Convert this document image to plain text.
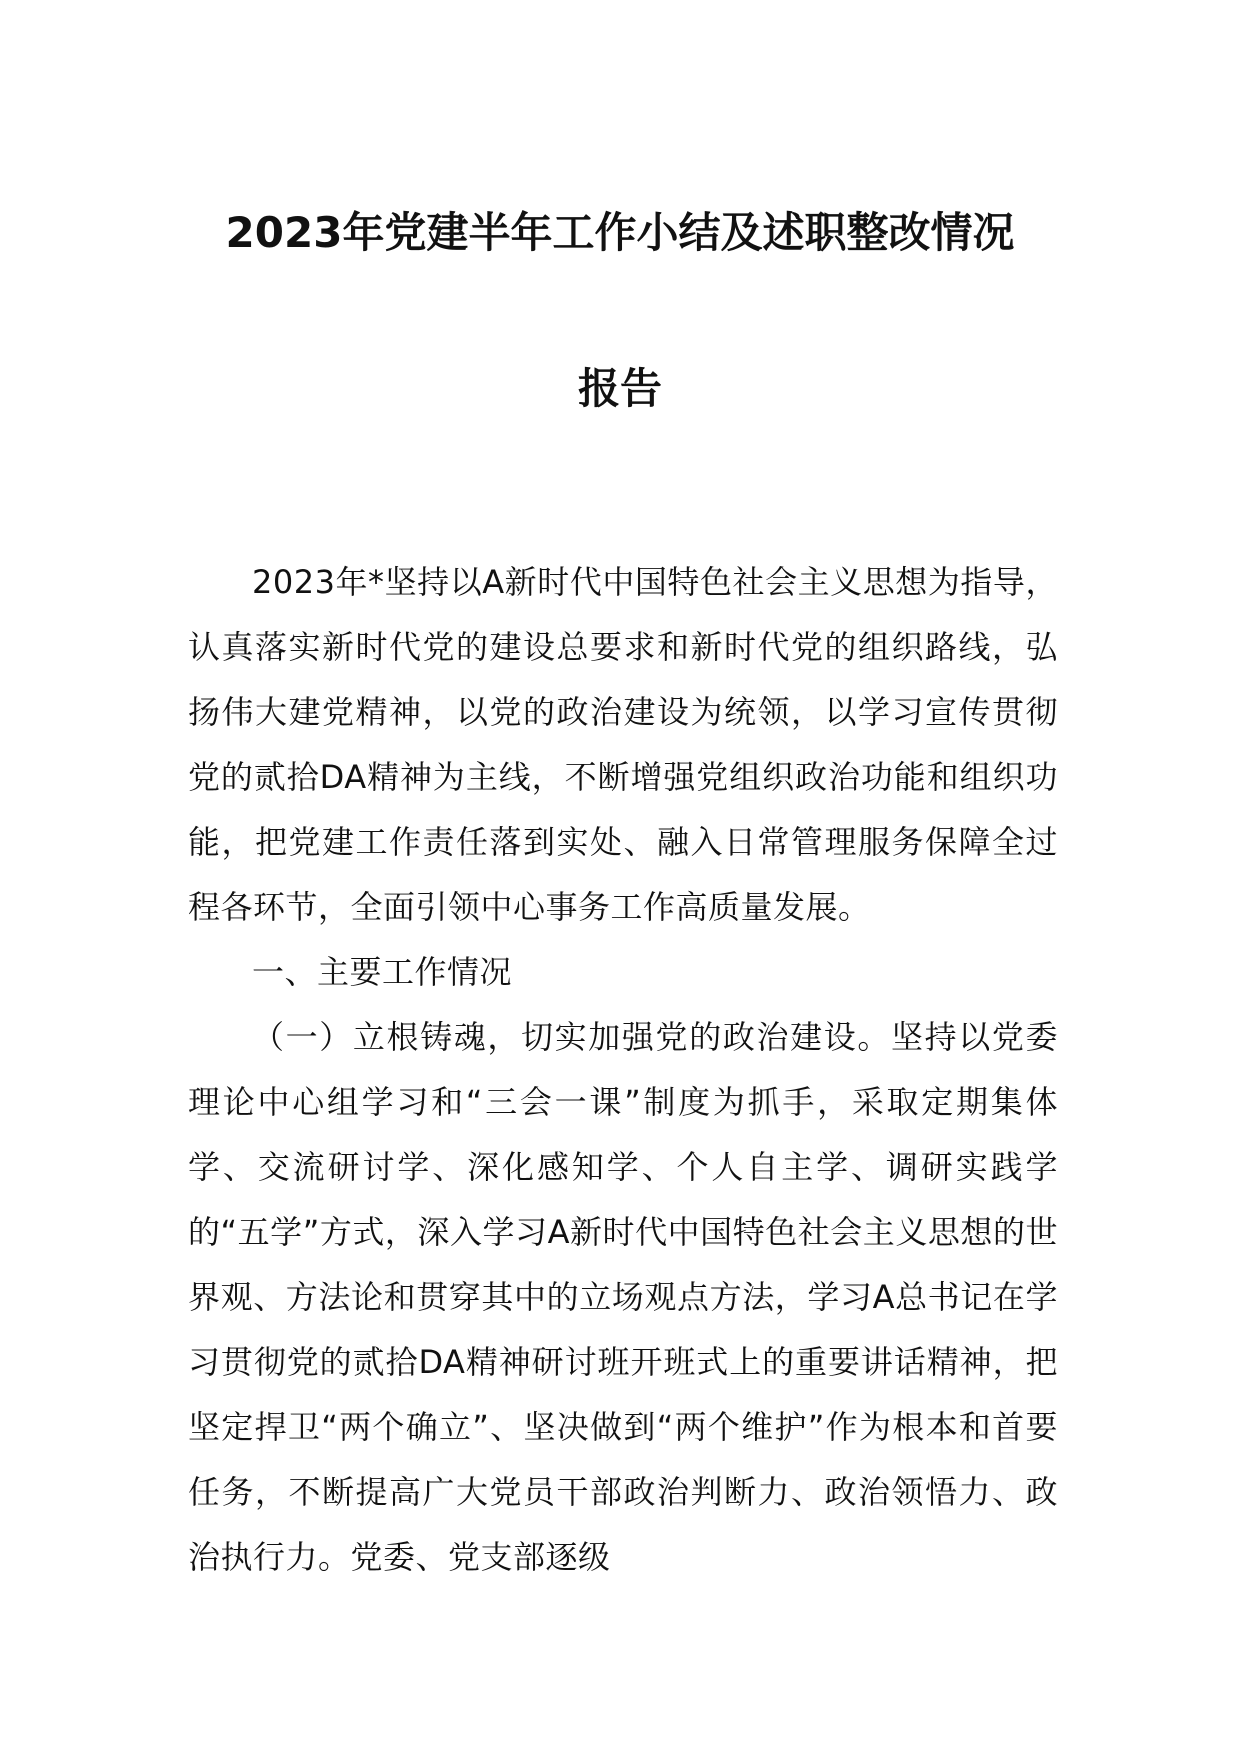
2023年党建半年工作小结及述职整改情况
报告

2023年*坚持以A新时代中国特色社会主义思想为指导，认真落实新时代党的建设总要求和新时代党的组织路线，弘扬伟大建党精神，以党的政治建设为统领，以学习宣传贯彻党的贰拾DA精神为主线，不断增强党组织政治功能和组织功能，把党建工作责任落到实处、融入日常管理服务保障全过程各环节，全面引领中心事务工作高质量发展。

一、主要工作情况

（一）立根铸魂，切实加强党的政治建设。坚持以党委理论中心组学习和“三会一课”制度为抓手，采取定期集体学、交流研讨学、深化感知学、个人自主学、调研实践学的“五学”方式，深入学习A新时代中国特色社会主义思想的世界观、方法论和贯穿其中的立场观点方法，学习A总书记在学习贯彻党的贰拾DA精神研讨班开班式上的重要讲话精神，把坚定捍卫“两个确立”、坚决做到“两个维护”作为根本和首要任务，不断提高广大党员干部政治判断力、政治领悟力、政治执行力。党委、党支部逐级
